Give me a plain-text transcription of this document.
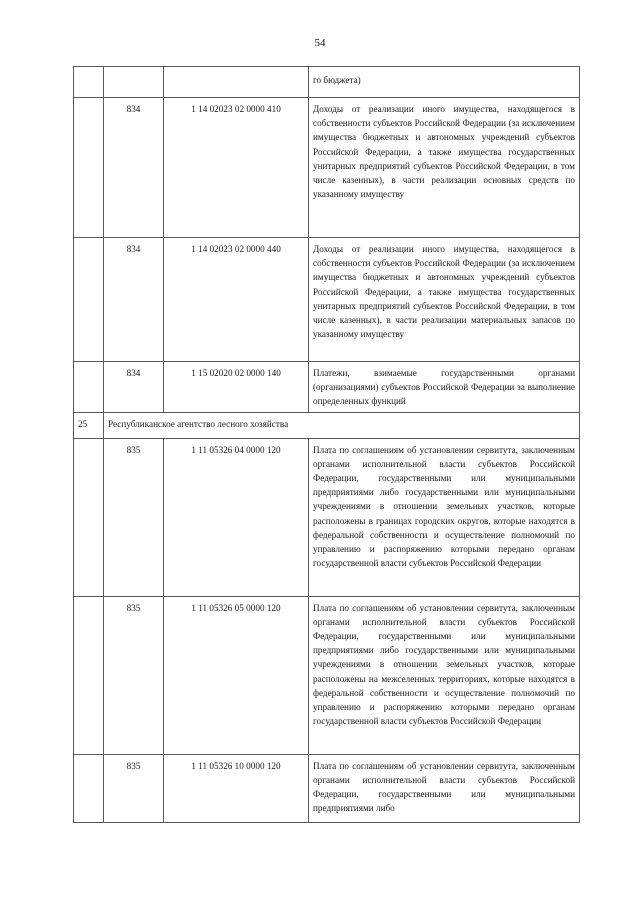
54
			го бюджета)
	834	1 14 02023 02 0000 410	Доходы от реализации иного имущества, находящегося в собственности субъектов Российской Федерации (за исключением имущества бюджетных и автономных учреждений субъектов Российской Федерации, а также имущества государственных унитарных предприятий субъектов Российской Федерации, в том числе казенных), в части реализации основных средств по указанному имуществу
	834	1 14 02023 02 0000 440	Доходы от реализации иного имущества, находящегося в собственности субъектов Российской Федерации (за исключением имущества бюджетных и автономных учреждений субъектов Российской Федерации, а также имущества государственных унитарных предприятий субъектов Российской Федерации, в том числе казенных), в части реализации материальных запасов по указанному имуществу
	834	1 15 02020 02 0000 140	Платежи, взимаемые государственными органами (организациями) субъектов Российской Федерации за выполнение определенных функций
25	Республиканское агентство лесного хозяйства		
	835	1 11 05326 04 0000 120	Плата по соглашениям об установлении сервитута, заключенным органами исполнительной власти субъектов Российской Федерации, государственными или муниципальными предприятиями либо государственными или муниципальными учреждениями в отношении земельных участков, которые расположены в границах городских округов, которые находятся в федеральной собственности и осуществление полномочий по управлению и распоряжению которыми передано органам государственной власти субъектов Российской Федерации
	835	1 11 05326 05 0000 120	Плата по соглашениям об установлении сервитута, заключенным органами исполнительной власти субъектов Российской Федерации, государственными или муниципальными предприятиями либо государственными или муниципальными учреждениями в отношении земельных участков, которые расположены на межселенных территориях, которые находятся в федеральной собственности и осуществление полномочий по управлению и распоряжению которыми передано органам государственной власти субъектов Российской Федерации
	835	1 11 05326 10 0000 120	Плата по соглашениям об установлении сервитута, заключенным органами исполнительной власти субъектов Российской Федерации, государственными или муниципальными предприятиями либо
